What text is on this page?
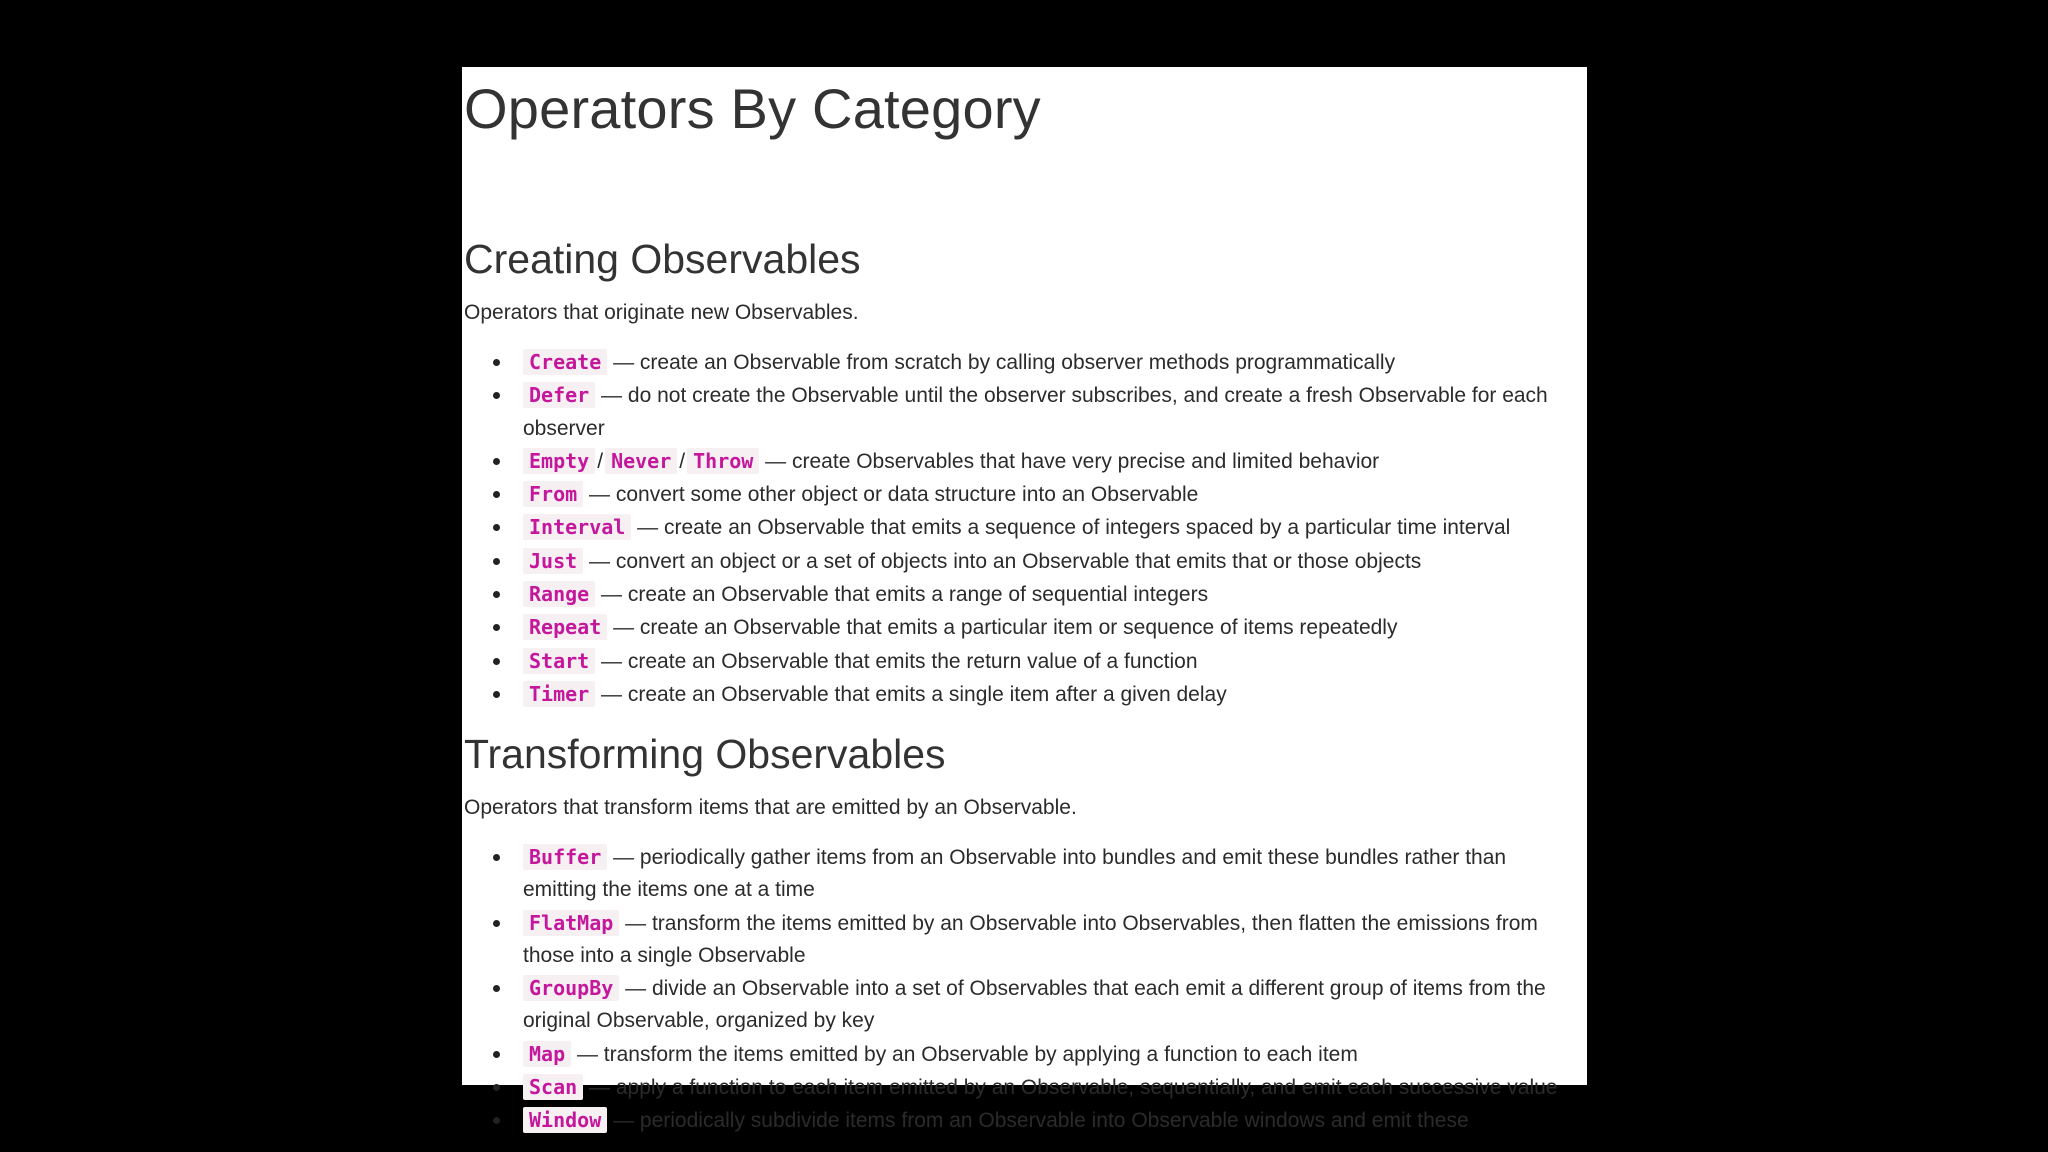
Operators By Category
Creating Observables
Operators that originate new Observables.
Create — create an Observable from scratch by calling observer methods programmatically
Defer — do not create the Observable until the observer subscribes, and create a fresh Observable for each observer
Empty / Never / Throw — create Observables that have very precise and limited behavior
From — convert some other object or data structure into an Observable
Interval — create an Observable that emits a sequence of integers spaced by a particular time interval
Just — convert an object or a set of objects into an Observable that emits that or those objects
Range — create an Observable that emits a range of sequential integers
Repeat — create an Observable that emits a particular item or sequence of items repeatedly
Start — create an Observable that emits the return value of a function
Timer — create an Observable that emits a single item after a given delay
Transforming Observables
Operators that transform items that are emitted by an Observable.
Buffer — periodically gather items from an Observable into bundles and emit these bundles rather than emitting the items one at a time
FlatMap — transform the items emitted by an Observable into Observables, then flatten the emissions from those into a single Observable
GroupBy — divide an Observable into a set of Observables that each emit a different group of items from the original Observable, organized by key
Map — transform the items emitted by an Observable by applying a function to each item
Scan — apply a function to each item emitted by an Observable, sequentially, and emit each successive value
Window — periodically subdivide items from an Observable into Observable windows and emit these
